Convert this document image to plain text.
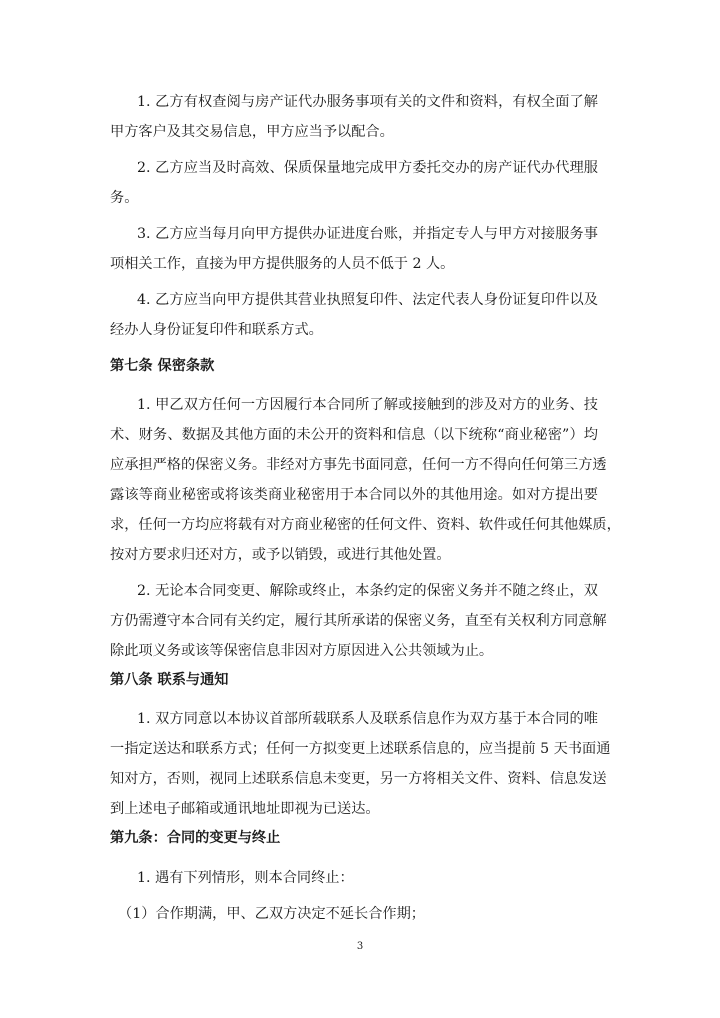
1. 乙方有权查阅与房产证代办服务事项有关的文件和资料，有权全面了解
甲方客户及其交易信息，甲方应当予以配合。
2. 乙方应当及时高效、保质保量地完成甲方委托交办的房产证代办代理服
务。
3. 乙方应当每月向甲方提供办证进度台账，并指定专人与甲方对接服务事
项相关工作，直接为甲方提供服务的人员不低于 2 人。
4. 乙方应当向甲方提供其营业执照复印件、法定代表人身份证复印件以及
经办人身份证复印件和联系方式。
第七条 保密条款
1. 甲乙双方任何一方因履行本合同所了解或接触到的涉及对方的业务、技
术、财务、数据及其他方面的未公开的资料和信息（以下统称“商业秘密”）均
应承担严格的保密义务。非经对方事先书面同意，任何一方不得向任何第三方透
露该等商业秘密或将该类商业秘密用于本合同以外的其他用途。如对方提出要
求，任何一方均应将载有对方商业秘密的任何文件、资料、软件或任何其他媒质，
按对方要求归还对方，或予以销毁，或进行其他处置。
2. 无论本合同变更、解除或终止，本条约定的保密义务并不随之终止，双
方仍需遵守本合同有关约定，履行其所承诺的保密义务，直至有关权利方同意解
除此项义务或该等保密信息非因对方原因进入公共领域为止。
第八条 联系与通知
1. 双方同意以本协议首部所载联系人及联系信息作为双方基于本合同的唯
一指定送达和联系方式；任何一方拟变更上述联系信息的，应当提前 5 天书面通
知对方，否则，视同上述联系信息未变更，另一方将相关文件、资料、信息发送
到上述电子邮箱或通讯地址即视为已送达。
第九条：合同的变更与终止
1. 遇有下列情形，则本合同终止：
（1）合作期满，甲、乙双方决定不延长合作期；
3
